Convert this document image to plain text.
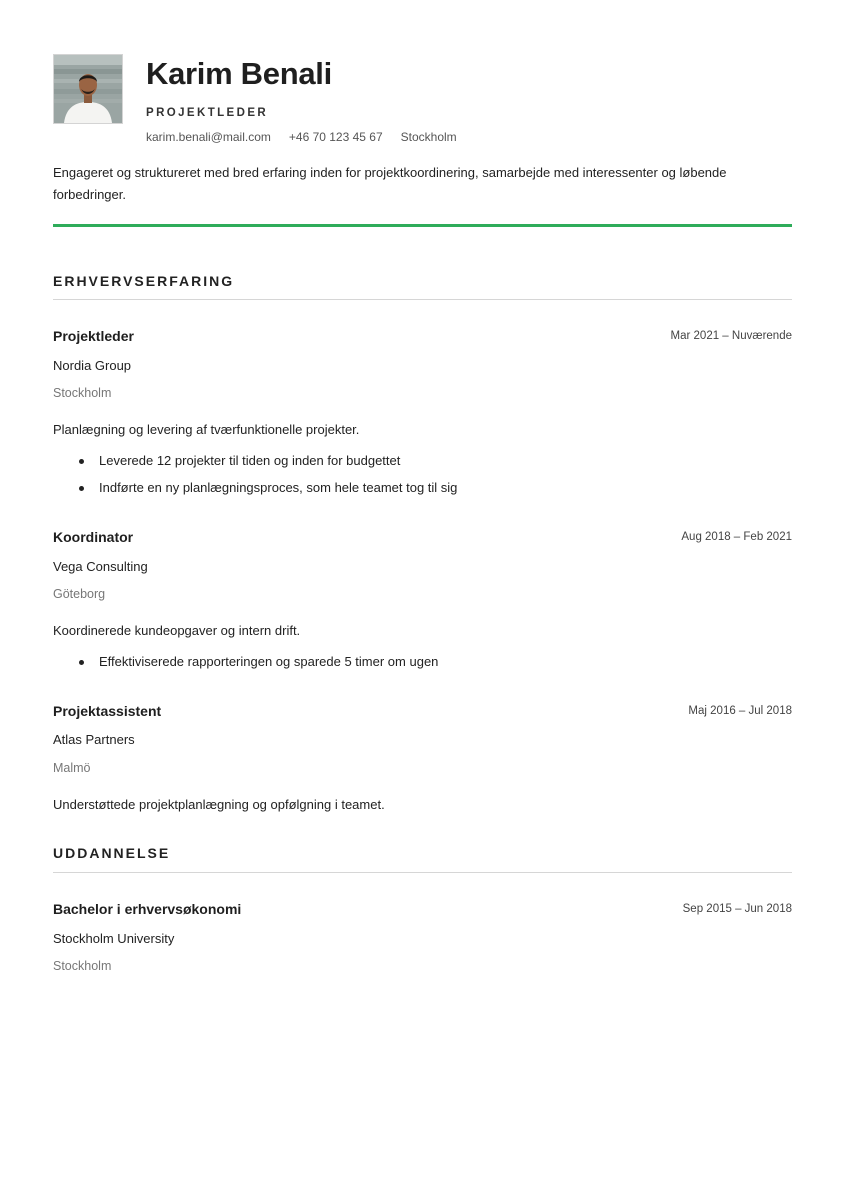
Karim Benali
PROJEKTLEDER
karim.benali@mail.com +46 70 123 45 67 Stockholm
Engageret og struktureret med bred erfaring inden for projektkoordinering, samarbejde med interessenter og løbende forbedringer.
ERHVERVSERFARING
Projektleder	Mar 2021 – Nuværende
Nordia Group
Stockholm
Planlægning og levering af tværfunktionelle projekter.
Leverede 12 projekter til tiden og inden for budgettet
Indførte en ny planlægningsproces, som hele teamet tog til sig
Koordinator	Aug 2018 – Feb 2021
Vega Consulting
Göteborg
Koordinerede kundeopgaver og intern drift.
Effektiviserede rapporteringen og sparede 5 timer om ugen
Projektassistent	Maj 2016 – Jul 2018
Atlas Partners
Malmö
Understøttede projektplanlægning og opfølgning i teamet.
UDDANNELSE
Bachelor i erhvervsøkonomi	Sep 2015 – Jun 2018
Stockholm University
Stockholm
